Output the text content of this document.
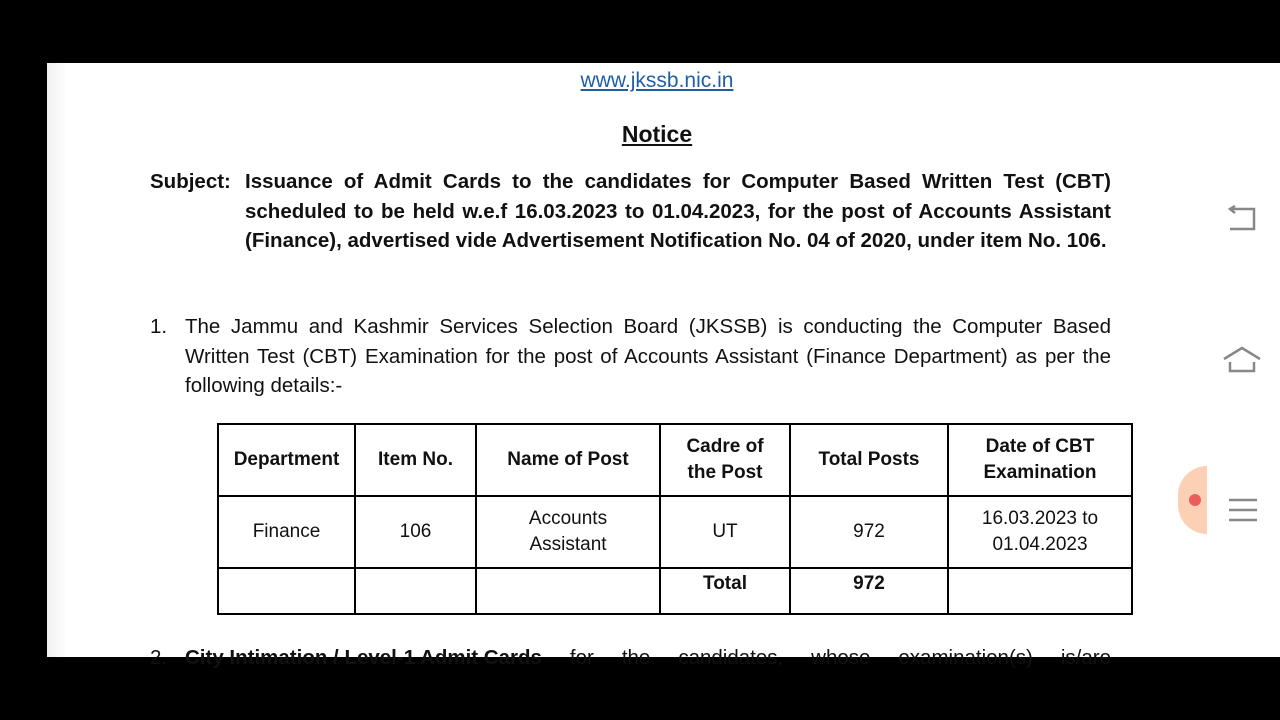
www.jkssb.nic.in
Notice
Subject: Issuance of Admit Cards to the candidates for Computer Based Written Test (CBT) scheduled to be held w.e.f 16.03.2023 to 01.04.2023, for the post of Accounts Assistant (Finance), advertised vide Advertisement Notification No. 04 of 2020, under item No. 106.
1. The Jammu and Kashmir Services Selection Board (JKSSB) is conducting the Computer Based Written Test (CBT) Examination for the post of Accounts Assistant (Finance Department) as per the following details:-
Department	Item No.	Name of Post	Cadre of the Post	Total Posts	Date of CBT Examination
Finance	106	Accounts Assistant	UT	972	16.03.2023 to 01.04.2023
			Total	972	
2. City Intimation / Level-1 Admit Cards for the candidates, whose examination(s) is/are
